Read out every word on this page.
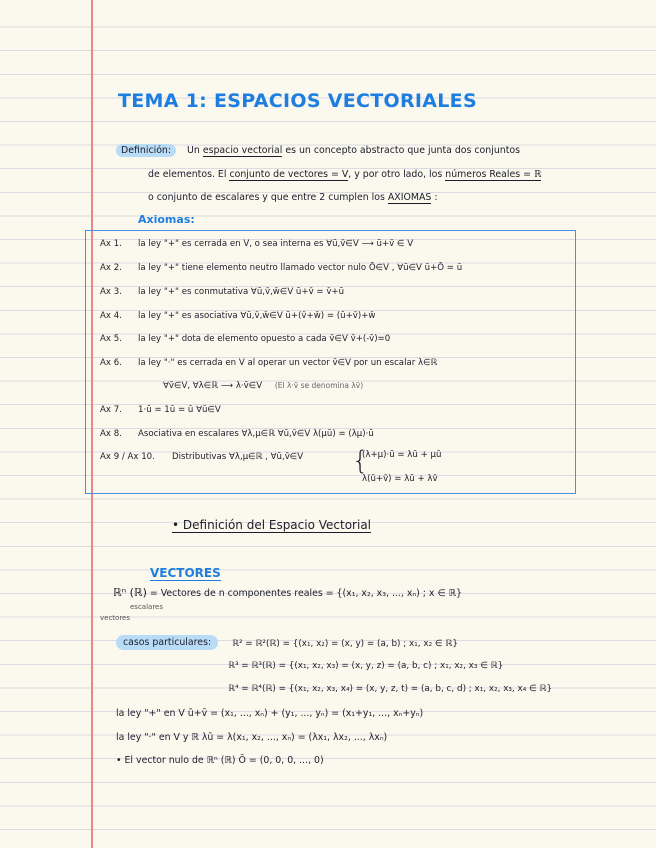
TEMA 1: ESPACIOS VECTORIALES
Definición: Un espacio vectorial es un concepto abstracto que junta dos conjuntos
de elementos. El conjunto de vectores = V, y por otro lado, los números Reales = ℝ
o conjunto de escalares y que entre 2 cumplen los AXIOMAS :
Axiomas:
Ax 1. la ley "+" es cerrada en V, o sea interna es ∀ū,v̄∈V ⟶ ū+v̄ ∈ V
Ax 2. la ley "+" tiene elemento neutro llamado vector nulo Ō∈V , ∀ū∈V ū+Ō = ū
Ax 3. la ley "+" es conmutativa ∀ū,v̄,w̄∈V ū+v̄ = v̄+ū
Ax 4. la ley "+" es asociativa ∀ū,v̄,w̄∈V ū+(v̄+w̄) = (ū+v̄)+w̄
Ax 5. la ley "+" dota de elemento opuesto a cada v̄∈V v̄+(-v̄)=0
Ax 6. la ley "·" es cerrada en V al operar un vector v̄∈V por un escalar λ∈ℝ
∀v̄∈V, ∀λ∈ℝ ⟶ λ·v̄∈V (El λ·v̄ se denomina λv̄)
Ax 7. 1·ū = 1ū = ū ∀ū∈V
Ax 8. Asociativa en escalares ∀λ,μ∈ℝ ∀ū,v̄∈V λ(μū) = (λμ)·ū
Ax 9 / Ax 10. Distributivas ∀λ,μ∈ℝ , ∀ū,v̄∈V {
(λ+μ)·ū = λū + μū
λ(ū+v̄) = λū + λv̄
• Definición del Espacio Vectorial
VECTORES
ℝⁿ (ℝ) = Vectores de n componentes reales = {(x₁, x₂, x₃, ..., xₙ) ; x ∈ ℝ}
escalares
vectores
casos particulares:	ℝ² = ℝ²(ℝ) = {(x₁, x₂) = (x, y) = (a, b) ; x₁, x₂ ∈ ℝ}
ℝ³ = ℝ³(ℝ) = {(x₁, x₂, x₃) = (x, y, z) = (a, b, c) ; x₁, x₂, x₃ ∈ ℝ}
ℝ⁴ = ℝ⁴(ℝ) = {(x₁, x₂, x₃, x₄) = (x, y, z, t) = (a, b, c, d) ; x₁, x₂, x₃, x₄ ∈ ℝ}
la ley "+" en V ū+v̄ = (x₁, ..., xₙ) + (y₁, ..., yₙ) = (x₁+y₁, ..., xₙ+yₙ)
la ley "·" en V y ℝ λū = λ(x₁, x₂, ..., xₙ) = (λx₁, λx₂, ..., λxₙ)
• El vector nulo de ℝⁿ (ℝ) Ō = (0, 0, 0, ..., 0)
